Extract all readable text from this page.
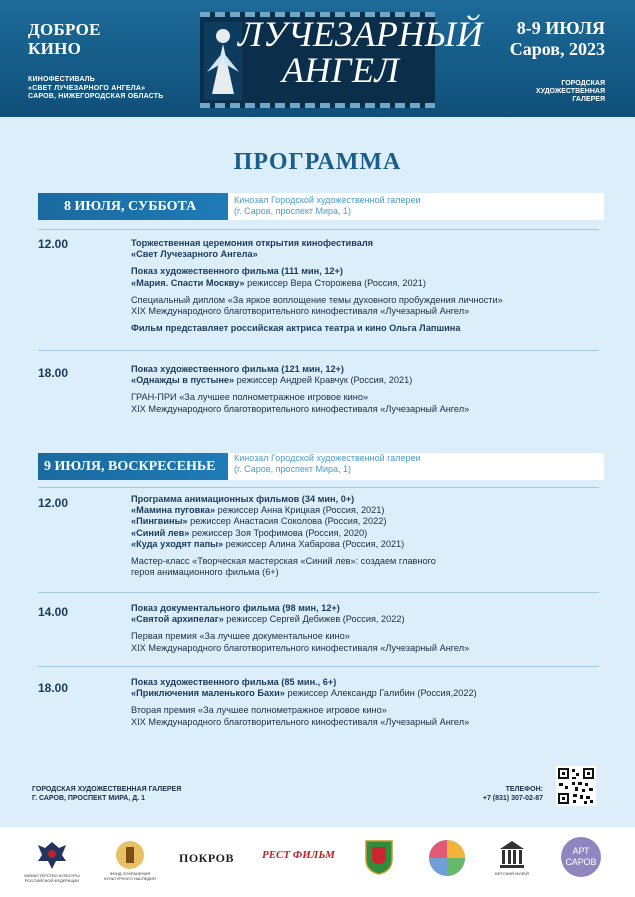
ДОБРОЕ
КИНО
КИНОФЕСТИВАЛЬ
«СВЕТ ЛУЧЕЗАРНОГО АНГЕЛА»
САРОВ, НИЖЕГОРОДСКАЯ ОБЛАСТЬ
ЛУЧЕЗАРНЫЙ
АНГЕЛ
8-9 ИЮЛЯ
Саров, 2023
ГОРОДСКАЯ
ХУДОЖЕСТВЕННАЯ
ГАЛЕРЕЯ
ПРОГРАММА
8 ИЮЛЯ, СУББОТА	Кинозал Городской художественной галереи
(г. Саров, проспект Мира, 1)
12.00	Торжественная церемония открытия кинофестиваля
«Свет Лучезарного Ангела»
Показ художественного фильма (111 мин, 12+)
«Мария. Спасти Москву» режиссер Вера Сторожева (Россия, 2021)
Специальный диплом «За яркое воплощение темы духовного пробуждения личности»
XIX Международного благотворительного кинофестиваля «Лучезарный Ангел»
Фильм представляет российская актриса театра и кино Ольга Лапшина
18.00	Показ художественного фильма (121 мин, 12+)
«Однажды в пустыне» режиссер Андрей Кравчук (Россия, 2021)
ГРАН-ПРИ «За лучшее полнометражное игровое кино»
XIX Международного благотворительного кинофестиваля «Лучезарный Ангел»
9 ИЮЛЯ, ВОСКРЕСЕНЬЕ
Кинозал Городской художественной галереи
(г. Саров, проспект Мира, 1)
12.00	Программа анимационных фильмов (34 мин, 0+)
«Мамина пуговка» режиссер Анна Крицкая (Россия, 2021)
«Пингвины» режиссер Анастасия Соколова (Россия, 2022)
«Синий лев» режиссер Зоя Трофимова (Россия, 2020)
«Куда уходят папы» режиссер Алина Хабарова (Россия, 2021)
Мастер-класс «Творческая мастерская «Синий лев»: создаем главного
героя анимационного фильма (6+)
14.00	Показ документального фильма (98 мин, 12+)
«Святой архипелаг» режиссер Сергей Дебижев (Россия, 2022)
Первая премия «За лучшее документальное кино»
XIX Международного благотворительного кинофестиваля «Лучезарный Ангел»
18.00	Показ художественного фильма (85 мин., 6+)
«Приключения маленького Бахи» режиссер Александр Галибин (Россия,2022)
Вторая премия «За лучшее полнометражное игровое кино»
XIX Международного благотворительного кинофестиваля «Лучезарный Ангел»
ГОРОДСКАЯ ХУДОЖЕСТВЕННАЯ ГАЛЕРЕЯ
Г. САРОВ, ПРОСПЕКТ МИРА, Д. 1
ТЕЛЕФОН:
+7 (831) 307-02-87
МИНИСТЕРСТВО КУЛЬТУРЫ РОССИЙСКОЙ ФЕДЕРАЦИИ
ФОНД СОХРАНЕНИЯ КУЛЬТУРНОГО НАСЛЕДИЯ
ПОКРОВ	РЕСТ ФИЛЬМ
ВЯТСКИЙ МУЗЕЙ
АРТ
САРОВ
